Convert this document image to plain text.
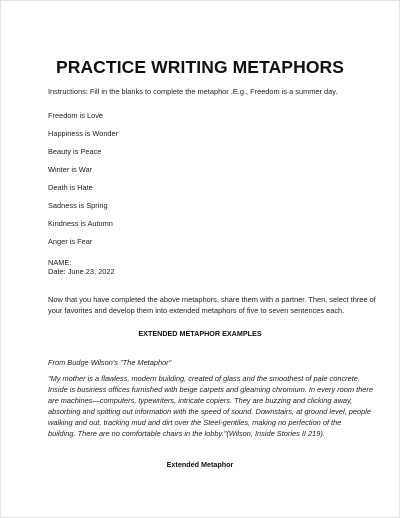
PRACTICE WRITING METAPHORS
Instructions: Fill in the blanks to complete the metaphor .E.g., Freedom is a summer day.
Freedom is Love
Happiness is Wonder
Beauty is Peace
Winter is War
Death is Hate
Sadness is Spring
Kindness is Autumn
Anger is Fear
NAME:
Date: June 23, 2022
Now that you have completed the above metaphors, share them with a partner. Then, select three of
your favorites and develop them into extended metaphors of five to seven sentences each.
EXTENDED METAPHOR EXAMPLES
From Budge Wilson's "The Metaphor"
"My mother is a flawless, modern building, created of glass and the smoothest of pale concrete.
Inside is business offices furnished with beige carpets and gleaming chromium. In every room there
are machines—computers, typewriters, intricate copiers. They are buzzing and clicking away,
absorbing and spitting out information with the speed of sound. Downstairs, at ground level, people
walking and out, tracking mud and dirt over the Steel-gentiles, making no perfection of the
building. There are no comfortable chairs in the lobby."(Wilson, Inside Stories II 219).
Extended Metaphor
